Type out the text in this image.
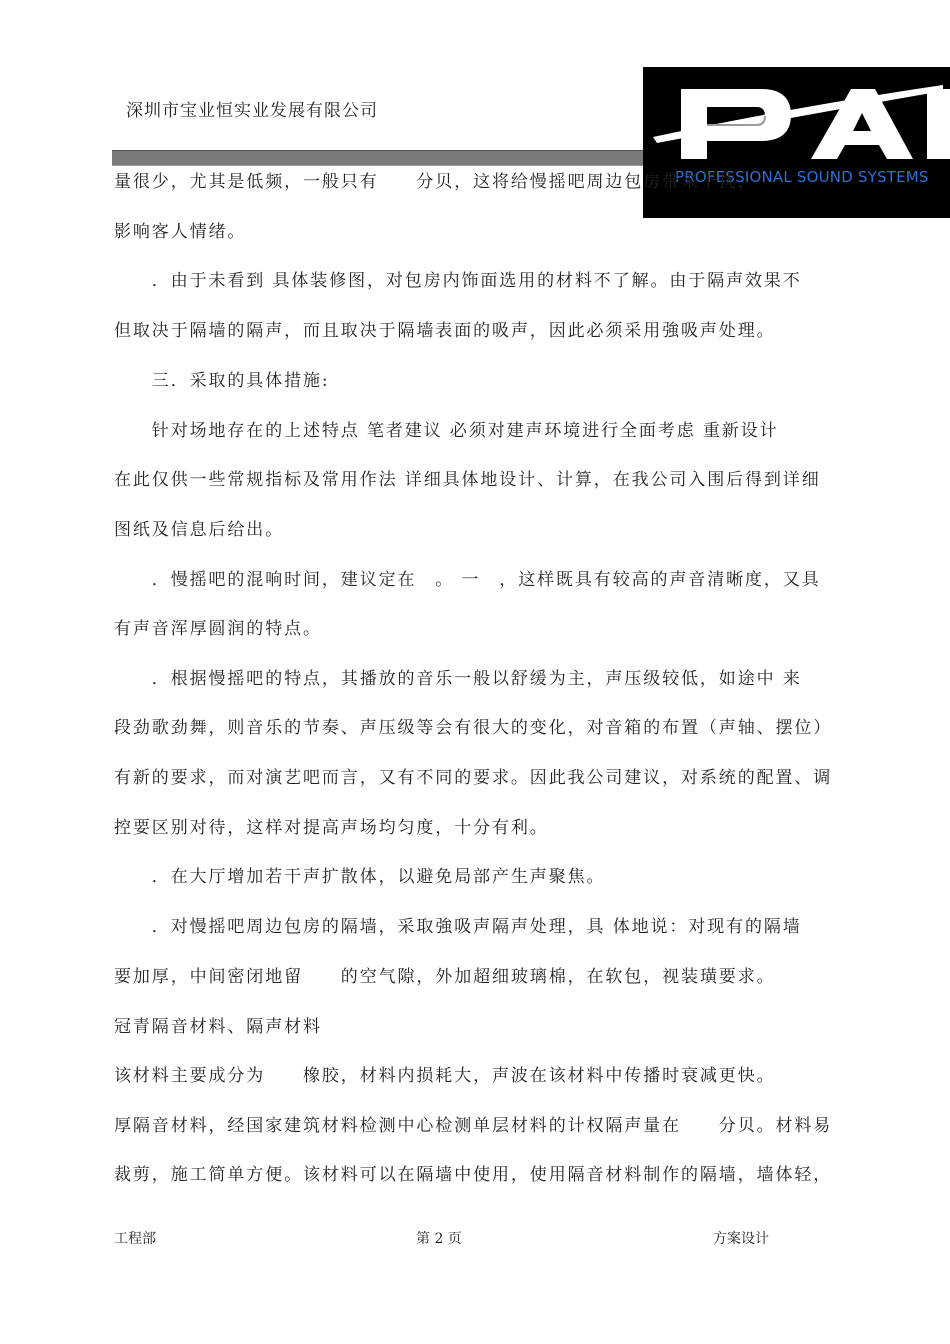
深圳市宝业恒实业发展有限公司
PROFESSIONAL SOUND SYSTEMS
量很少，尤其是低频，一般只有　　分贝，这将给慢摇吧周边包房带来干扰，
影响客人情绪。
　　．由于未看到 具体装修图，对包房内饰面选用的材料不了解。由于隔声效果不
但取决于隔墙的隔声，而且取决于隔墙表面的吸声，因此必须采用強吸声处理。
　　三．采取的具体措施:
　　针对场地存在的上述特点 笔者建议 必须对建声环境进行全面考虑 重新设计
在此仅供一些常规指标及常用作法 详细具体地设计、计算，在我公司入围后得到详细
图纸及信息后给出。
　　．慢摇吧的混响时间，建议定在　。 一　，这样既具有较高的声音清晰度，又具
有声音浑厚圆润的特点。
　　．根据慢摇吧的特点，其播放的音乐一般以舒缓为主，声压级较低，如途中 来
段劲歌劲舞，则音乐的节奏、声压级等会有很大的变化，对音箱的布置（声轴、摆位）
有新的要求，而对演艺吧而言，又有不同的要求。因此我公司建议，对系统的配置、调
控要区别对待，这样对提高声场均匀度，十分有利。
　　．在大厅增加若干声扩散体，以避免局部产生声聚焦。
　　．对慢摇吧周边包房的隔墙，采取強吸声隔声处理，具 体地说：对现有的隔墙
要加厚，中间密闭地留　　的空气隙，外加超细玻璃棉，在软包，视装璜要求。
冠青隔音材料、隔声材料
该材料主要成分为　　橡胶，材料内损耗大，声波在该材料中传播时衰减更快。
厚隔音材料，经国家建筑材料检测中心检测单层材料的计权隔声量在　　分贝。材料易
裁剪，施工简单方便。该材料可以在隔墙中使用，使用隔音材料制作的隔墙，墙体轻，
工程部	第 2 页	方案设计
